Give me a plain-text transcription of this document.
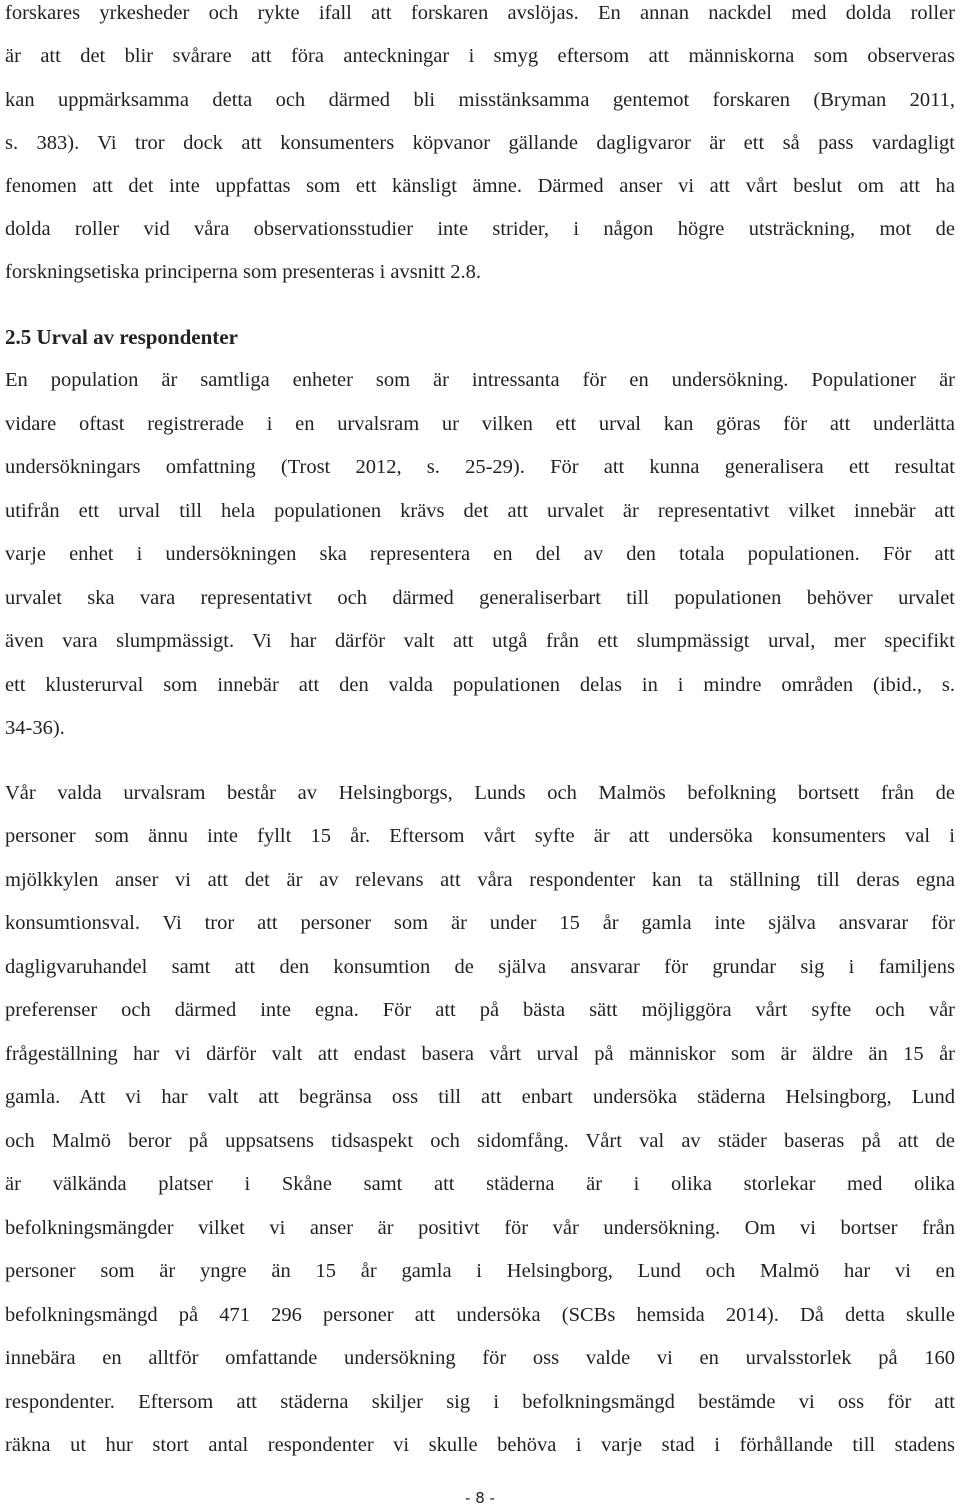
forskares yrkesheder och rykte ifall att forskaren avslöjas. En annan nackdel med dolda roller

är att det blir svårare att föra anteckningar i smyg eftersom att människorna som observeras

kan uppmärksamma detta och därmed bli misstänksamma gentemot forskaren (Bryman 2011,

s. 383). Vi tror dock att konsumenters köpvanor gällande dagligvaror är ett så pass vardagligt

fenomen att det inte uppfattas som ett känsligt ämne. Därmed anser vi att vårt beslut om att ha

dolda roller vid våra observationsstudier inte strider, i någon högre utsträckning, mot de

forskningsetiska principerna som presenteras i avsnitt 2.8.

2.5 Urval av respondenter

En population är samtliga enheter som är intressanta för en undersökning. Populationer är

vidare oftast registrerade i en urvalsram ur vilken ett urval kan göras för att underlätta

undersökningars omfattning (Trost 2012, s. 25-29). För att kunna generalisera ett resultat

utifrån ett urval till hela populationen krävs det att urvalet är representativt vilket innebär att

varje enhet i undersökningen ska representera en del av den totala populationen. För att

urvalet ska vara representativt och därmed generaliserbart till populationen behöver urvalet

även vara slumpmässigt. Vi har därför valt att utgå från ett slumpmässigt urval, mer specifikt

ett klusterurval som innebär att den valda populationen delas in i mindre områden (ibid., s.

34-36).

Vår valda urvalsram består av Helsingborgs, Lunds och Malmös befolkning bortsett från de

personer som ännu inte fyllt 15 år. Eftersom vårt syfte är att undersöka konsumenters val i

mjölkkylen anser vi att det är av relevans att våra respondenter kan ta ställning till deras egna

konsumtionsval. Vi tror att personer som är under 15 år gamla inte själva ansvarar för

dagligvaruhandel samt att den konsumtion de själva ansvarar för grundar sig i familjens

preferenser och därmed inte egna. För att på bästa sätt möjliggöra vårt syfte och vår

frågeställning har vi därför valt att endast basera vårt urval på människor som är äldre än 15 år

gamla. Att vi har valt att begränsa oss till att enbart undersöka städerna Helsingborg, Lund

och Malmö beror på uppsatsens tidsaspekt och sidomfång. Vårt val av städer baseras på att de

är välkända platser i Skåne samt att städerna är i olika storlekar med olika

befolkningsmängder vilket vi anser är positivt för vår undersökning. Om vi bortser från

personer som är yngre än 15 år gamla i Helsingborg, Lund och Malmö har vi en

befolkningsmängd på 471 296 personer att undersöka (SCBs hemsida 2014). Då detta skulle

innebära en alltför omfattande undersökning för oss valde vi en urvalsstorlek på 160

respondenter. Eftersom att städerna skiljer sig i befolkningsmängd bestämde vi oss för att

räkna ut hur stort antal respondenter vi skulle behöva i varje stad i förhållande till stadens

- 8 -
